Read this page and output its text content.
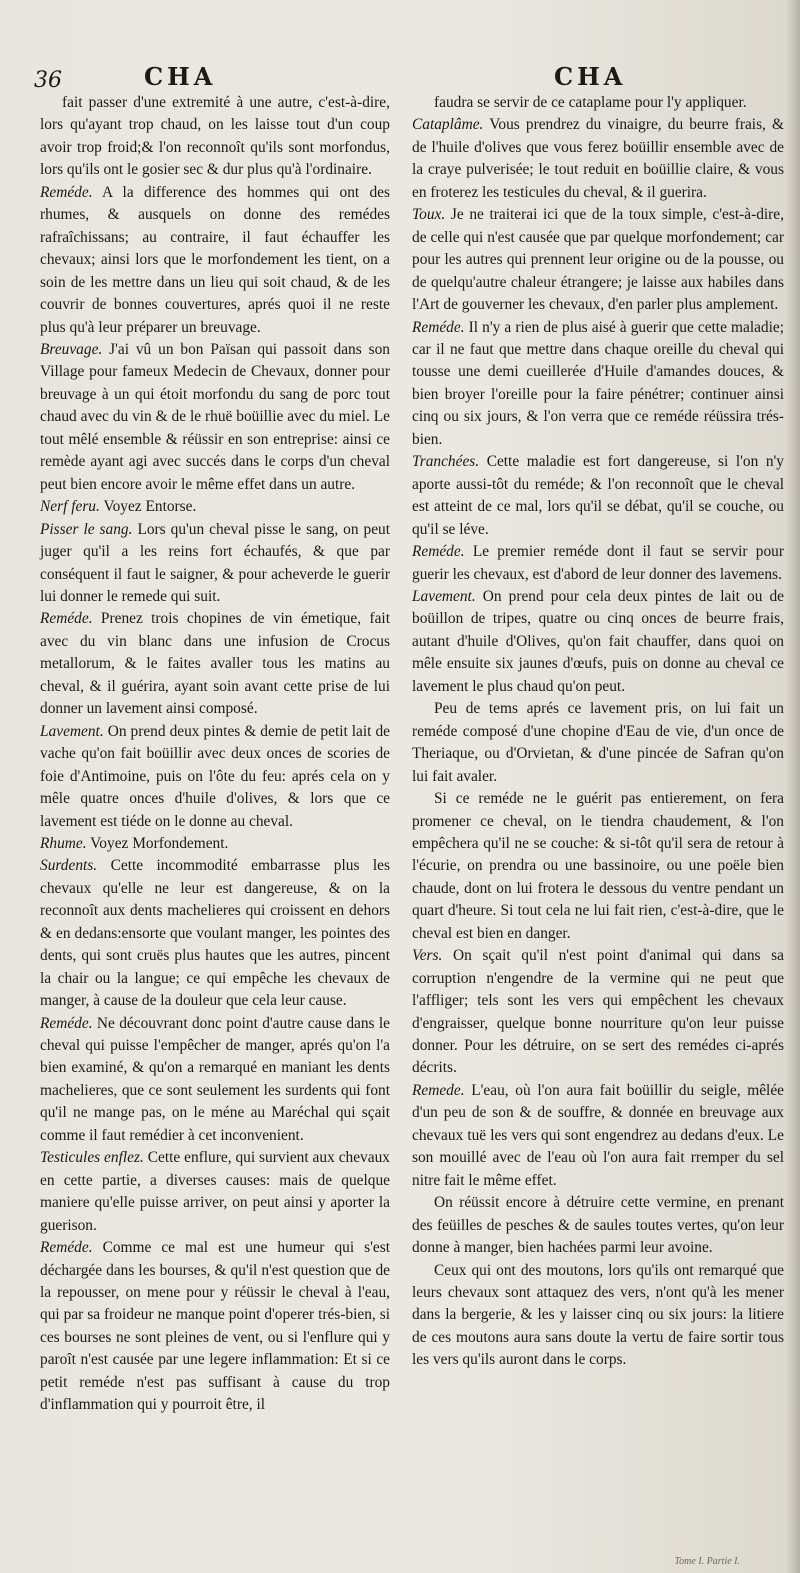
36	CHA	CHA

fait passer d'une extremité à une autre, c'est-à-dire, lors qu'ayant trop chaud, on les laisse tout d'un coup avoir trop froid;& l'on reconnoît qu'ils sont morfondus, lors qu'ils ont le gosier sec & dur plus qu'à l'ordinaire.

Reméde. A la difference des hommes qui ont des rhumes, & ausquels on donne des remédes rafraîchissans; au contraire, il faut échauffer les chevaux; ainsi lors que le morfondement les tient, on a soin de les mettre dans un lieu qui soit chaud, & de les couvrir de bonnes couvertures, aprés quoi il ne reste plus qu'à leur préparer un breuvage.

Breuvage. J'ai vû un bon Païsan qui passoit dans son Village pour fameux Medecin de Chevaux, donner pour breuvage à un qui étoit morfondu du sang de porc tout chaud avec du vin & de le rhuë boüillie avec du miel. Le tout mêlé ensemble & réüssir en son entreprise: ainsi ce remède ayant agi avec succés dans le corps d'un cheval peut bien encore avoir le même effet dans un autre.

Nerf feru. Voyez Entorse.

Pisser le sang. Lors qu'un cheval pisse le sang, on peut juger qu'il a les reins fort échaufés, & que par conséquent il faut le saigner, & pour acheverde le guerir lui donner le remede qui suit.

Reméde. Prenez trois chopines de vin émetique, fait avec du vin blanc dans une infusion de Crocus metallorum, & le faites avaller tous les matins au cheval, & il guérira, ayant soin avant cette prise de lui donner un lavement ainsi composé.

Lavement. On prend deux pintes & demie de petit lait de vache qu'on fait boüillir avec deux onces de scories de foie d'Antimoine, puis on l'ôte du feu: aprés cela on y mêle quatre onces d'huile d'olives, & lors que ce lavement est tiéde on le donne au cheval.

Rhume. Voyez Morfondement.

Surdents. Cette incommodité embarrasse plus les chevaux qu'elle ne leur est dangereuse, & on la reconnoît aux dents machelieres qui croissent en dehors & en dedans:ensorte que voulant manger, les pointes des dents, qui sont cruës plus hautes que les autres, pincent la chair ou la langue; ce qui empêche les chevaux de manger, à cause de la douleur que cela leur cause.

Reméde. Ne découvrant donc point d'autre cause dans le cheval qui puisse l'empêcher de manger, aprés qu'on l'a bien examiné, & qu'on a remarqué en maniant les dents machelieres, que ce sont seulement les surdents qui font qu'il ne mange pas, on le méne au Maréchal qui sçait comme il faut remédier à cet inconvenient.

Testicules enflez. Cette enflure, qui survient aux chevaux en cette partie, a diverses causes: mais de quelque maniere qu'elle puisse arriver, on peut ainsi y aporter la guerison.

Reméde. Comme ce mal est une humeur qui s'est déchargée dans les bourses, & qu'il n'est question que de la repousser, on mene pour y réüssir le cheval à l'eau, qui par sa froideur ne manque point d'operer trés-bien, si ces bourses ne sont pleines de vent, ou si l'enflure qui y paroît n'est causée par une legere inflammation: Et si ce petit reméde n'est pas suffisant à cause du trop d'inflammation qui y pourroit être, il

faudra se servir de ce cataplame pour l'y appliquer.

Cataplâme. Vous prendrez du vinaigre, du beurre frais, & de l'huile d'olives que vous ferez boüillir ensemble avec de la craye pulverisée; le tout reduit en boüillie claire, & vous en froterez les testicules du cheval, & il guerira.

Toux. Je ne traiterai ici que de la toux simple, c'est-à-dire, de celle qui n'est causée que par quelque morfondement; car pour les autres qui prennent leur origine ou de la pousse, ou de quelqu'autre chaleur étrangere; je laisse aux habiles dans l'Art de gouverner les chevaux, d'en parler plus amplement.

Reméde. Il n'y a rien de plus aisé à guerir que cette maladie; car il ne faut que mettre dans chaque oreille du cheval qui tousse une demi cueillerée d'Huile d'amandes douces, & bien broyer l'oreille pour la faire pénétrer; continuer ainsi cinq ou six jours, & l'on verra que ce reméde réüssira trés-bien.

Tranchées. Cette maladie est fort dangereuse, si l'on n'y aporte aussi-tôt du reméde; & l'on reconnoît que le cheval est atteint de ce mal, lors qu'il se débat, qu'il se couche, ou qu'il se léve.

Reméde. Le premier reméde dont il faut se servir pour guerir les chevaux, est d'abord de leur donner des lavemens.

Lavement. On prend pour cela deux pintes de lait ou de boüillon de tripes, quatre ou cinq onces de beurre frais, autant d'huile d'Olives, qu'on fait chauffer, dans quoi on mêle ensuite six jaunes d'œufs, puis on donne au cheval ce lavement le plus chaud qu'on peut.

Peu de tems aprés ce lavement pris, on lui fait un reméde composé d'une chopine d'Eau de vie, d'un once de Theriaque, ou d'Orvietan, & d'une pincée de Safran qu'on lui fait avaler.

Si ce reméde ne le guérit pas entierement, on fera promener ce cheval, on le tiendra chaudement, & l'on empêchera qu'il ne se couche: & si-tôt qu'il sera de retour à l'écurie, on prendra ou une bassinoire, ou une poële bien chaude, dont on lui frotera le dessous du ventre pendant un quart d'heure. Si tout cela ne lui fait rien, c'est-à-dire, que le cheval est bien en danger.

Vers. On sçait qu'il n'est point d'animal qui dans sa corruption n'engendre de la vermine qui ne peut que l'affliger; tels sont les vers qui empêchent les chevaux d'engraisser, quelque bonne nourriture qu'on leur puisse donner. Pour les détruire, on se sert des remédes ci-aprés décrits.

Remede. L'eau, où l'on aura fait boüillir du seigle, mêlée d'un peu de son & de souffre, & donnée en breuvage aux chevaux tuë les vers qui sont engendrez au dedans d'eux. Le son mouillé avec de l'eau où l'on aura fait rremper du sel nitre fait le même effet.

On réüssit encore à détruire cette vermine, en prenant des feüilles de pesches & de saules toutes vertes, qu'on leur donne à manger, bien hachées parmi leur avoine.

Ceux qui ont des moutons, lors qu'ils ont remarqué que leurs chevaux sont attaquez des vers, n'ont qu'à les mener dans la bergerie, & les y laisser cinq ou six jours: la litiere de ces moutons aura sans doute la vertu de faire sortir tous les vers qu'ils auront dans le corps.

Tome I. Partie I.
